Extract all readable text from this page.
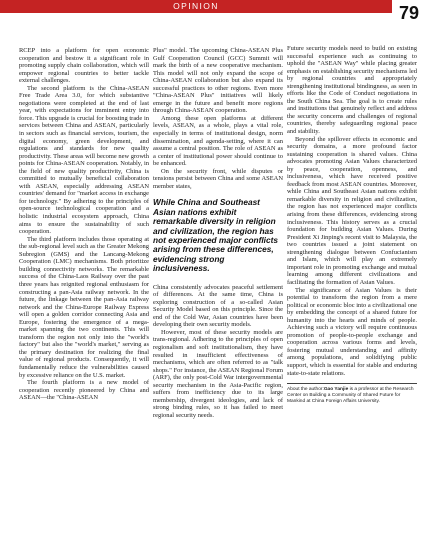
OPINION	79

RCEP into a platform for open economic cooperation and bestow it a significant role in promoting supply chain collaboration, which will empower regional countries to better tackle external challenges.

The second platform is the China-ASEAN Free Trade Area 3.0, for which substantive negotiations were completed at the end of last year, with expectations for imminent entry into force. This upgrade is crucial for boosting trade in services between China and ASEAN, particularly in sectors such as financial services, tourism, the digital economy, green development, and regulations and standards for new quality productivity. These areas will become new growth points for China-ASEAN cooperation. Notably, in the field of new quality productivity, China is committed to mutually beneficial collaboration with ASEAN, especially addressing ASEAN countries' demand for "market access in exchange for technology." By adhering to the principles of open-source technological cooperation and a holistic industrial ecosystem approach, China aims to ensure the sustainability of such cooperation.

The third platform includes those operating at the sub-regional level such as the Greater Mekong Subregion (GMS) and the Lancang-Mekong Cooperation (LMC) mechanisms. Both prioritize building connectivity networks. The remarkable success of the China-Laos Railway over the past three years has reignited regional enthusiasm for constructing a pan-Asia railway network. In the future, the linkage between the pan-Asia railway network and the China-Europe Railway Express will open a golden corridor connecting Asia and Europe, fostering the emergence of a mega-market spanning the two continents. This will transform the region not only into the "world's factory" but also the "world's market," serving as the primary destination for realizing the final value of regional products. Consequently, it will fundamentally reduce the vulnerabilities caused by excessive reliance on the U.S. market.

The fourth platform is a new model of cooperation recently pioneered by China and ASEAN—the "China-ASEAN

Plus" model. The upcoming China-ASEAN Plus Gulf Cooperation Council (GCC) Summit will mark the birth of a new cooperative mechanism. This model will not only expand the scope of China-ASEAN collaboration but also expand its successful practices to other regions. Even more "China-ASEAN Plus" initiatives will likely emerge in the future and benefit more regions through China-ASEAN cooperation.

Among these open platforms at different levels, ASEAN, as a whole, plays a vital role, especially in terms of institutional design, norm dissemination, and agenda-setting, where it can assume a central position. The role of ASEAN as a center of institutional power should continue to be enhanced.

On the security front, while disputes or tensions persist between China and some ASEAN member states,

While China and Southeast Asian nations exhibit remarkable diversity in religion and civilization, the region has not experienced major conflicts arising from these differences, evidencing strong inclusiveness.

China consistently advocates peaceful settlement of differences. At the same time, China is exploring construction of a so-called Asian Security Model based on this principle. Since the end of the Cold War, Asian countries have been developing their own security models.

However, most of these security models are trans-regional. Adhering to the principles of open regionalism and soft institutionalism, they have resulted in insufficient effectiveness of mechanisms, which are often referred to as "talk shops." For instance, the ASEAN Regional Forum (ARF), the only post-Cold War intergovernmental security mechanism in the Asia-Pacific region, suffers from inefficiency due to its large membership, divergent ideologies, and lack of strong binding rules, so it has failed to meet regional security needs.

Future security models need to build on existing successful experience such as continuing to uphold the "ASEAN Way" while placing greater emphasis on establishing security mechanisms led by regional countries and appropriately strengthening institutional bindingness, as seen in efforts like the Code of Conduct negotiations in the South China Sea. The goal is to create rules and institutions that genuinely reflect and address the security concerns and challenges of regional countries, thereby safeguarding regional peace and stability.

Beyond the spillover effects in economic and security domains, a more profound factor sustaining cooperation is shared values. China advocates promoting Asian Values characterized by peace, cooperation, openness, and inclusiveness, which have received positive feedback from most ASEAN countries. Moreover, while China and Southeast Asian nations exhibit remarkable diversity in religion and civilization, the region has not experienced major conflicts arising from these differences, evidencing strong inclusiveness. This history serves as a crucial foundation for building Asian Values. During President Xi Jinping's recent visit to Malaysia, the two countries issued a joint statement on strengthening dialogue between Confucianism and Islam, which will play an extremely important role in promoting exchange and mutual learning among different civilizations and facilitating the formation of Asian Values.

The significance of Asian Values is their potential to transform the region from a mere political or economic bloc into a civilizational one by embedding the concept of a shared future for humanity into the hearts and minds of people. Achieving such a victory will require continuous promotion of people-to-people exchange and cooperation across various forms and levels, fostering mutual understanding and affinity among populations, and solidifying public support, which is essential for stable and enduring state-to-state relations.

About the author:Gao Yanjie is a professor at the Research Center on Building a Community of Shared Future for Mankind at China Foreign Affairs University.
